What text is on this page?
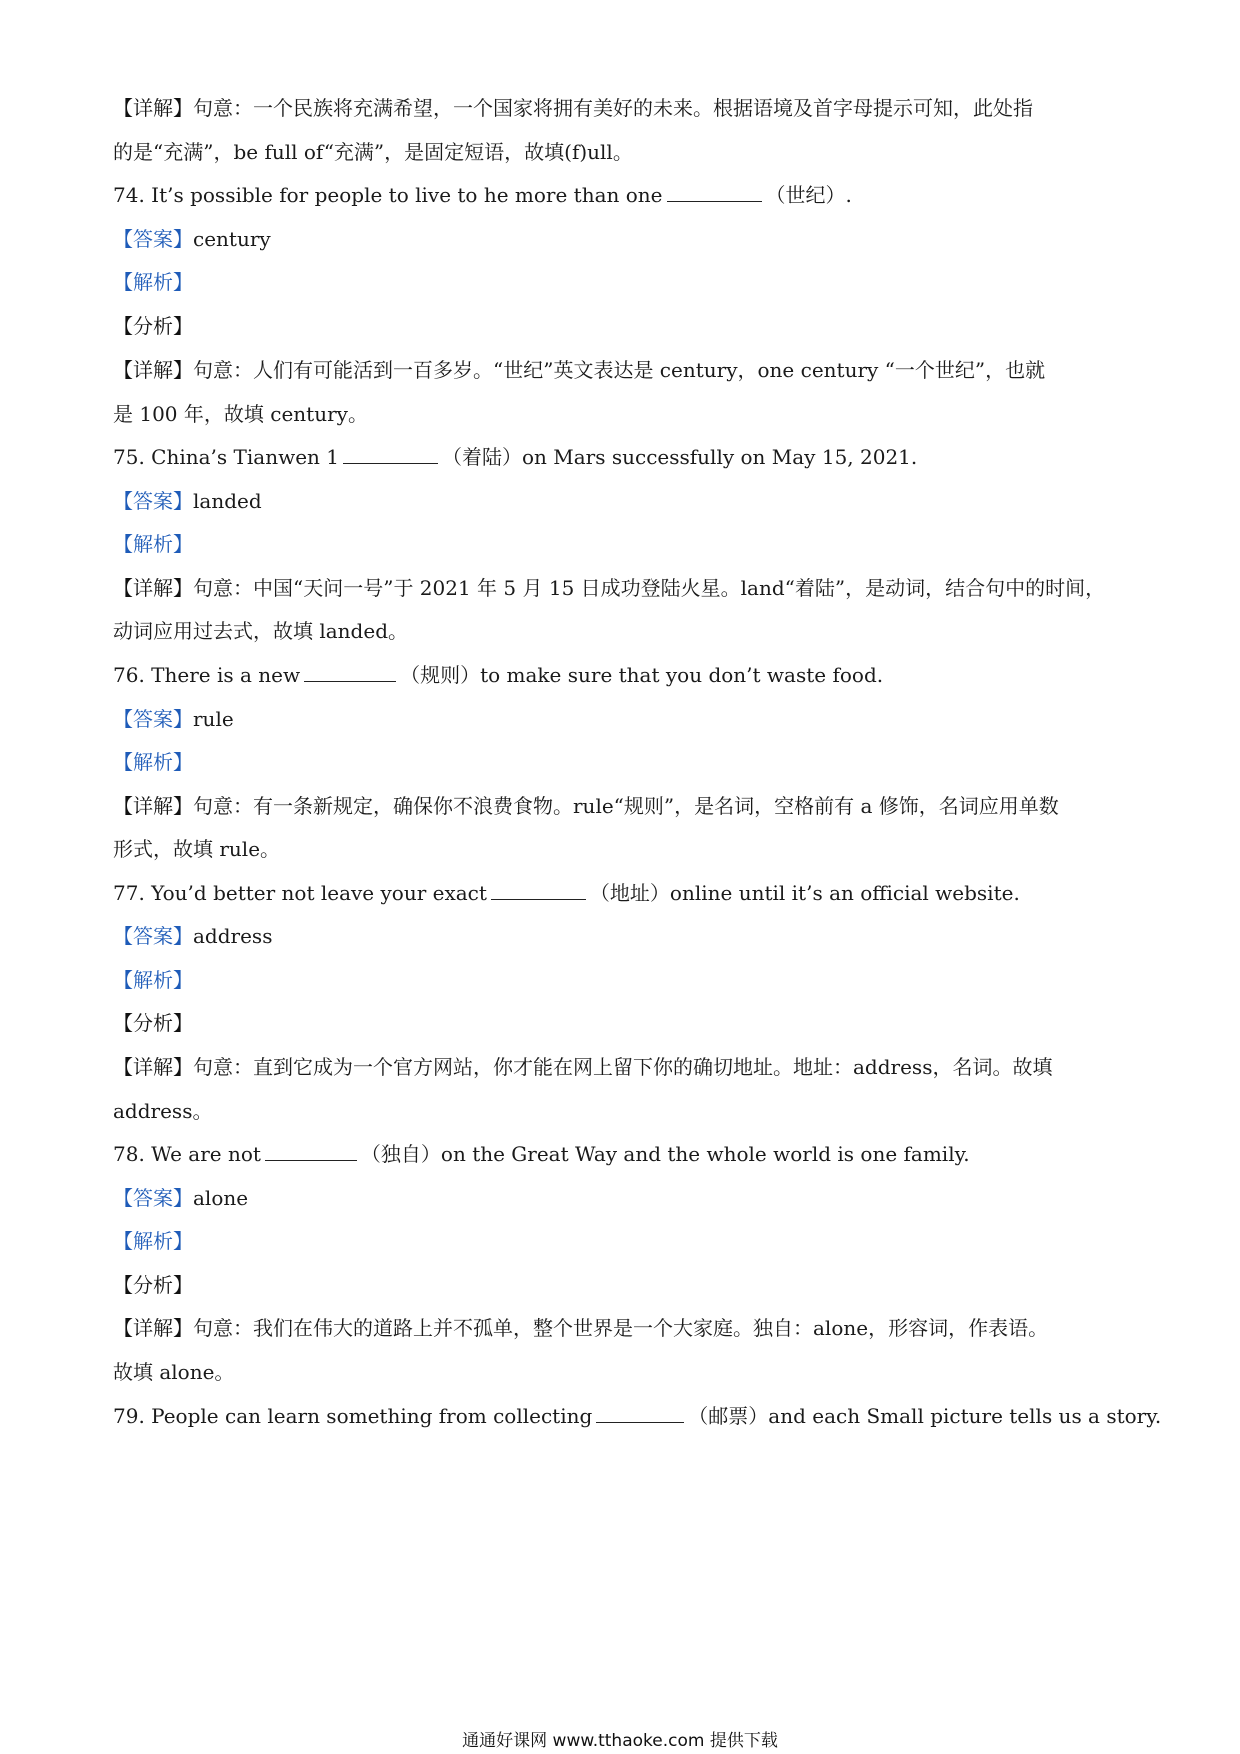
【详解】句意：一个民族将充满希望，一个国家将拥有美好的未来。根据语境及首字母提示可知，此处指
的是“充满”，be full of“充满”，是固定短语，故填(f)ull。
74. It’s possible for people to live to he more than one	（世纪）.
【答案】century
【解析】
【分析】
【详解】句意：人们有可能活到一百多岁。“世纪”英文表达是 century，one century “一个世纪”，也就
是 100 年，故填 century。
75. China’s Tianwen 1	（着陆）on Mars successfully on May 15, 2021.
【答案】landed
【解析】
【详解】句意：中国“天问一号”于 2021 年 5 月 15 日成功登陆火星。land“着陆”，是动词，结合句中的时间，
动词应用过去式，故填 landed。
76. There is a new	（规则）to make sure that you don’t waste food.
【答案】rule
【解析】
【详解】句意：有一条新规定，确保你不浪费食物。rule“规则”，是名词，空格前有 a 修饰，名词应用单数
形式，故填 rule。
77. You’d better not leave your exact	（地址）online until it’s an official website.
【答案】address
【解析】
【分析】
【详解】句意：直到它成为一个官方网站，你才能在网上留下你的确切地址。地址：address，名词。故填
address。
78. We are not	（独自）on the Great Way and the whole world is one family.
【答案】alone
【解析】
【分析】
【详解】句意：我们在伟大的道路上并不孤单，整个世界是一个大家庭。独自：alone，形容词，作表语。
故填 alone。
79. People can learn something from collecting	（邮票）and each Small picture tells us a story.
通通好课网 www.tthaoke.com 提供下载
